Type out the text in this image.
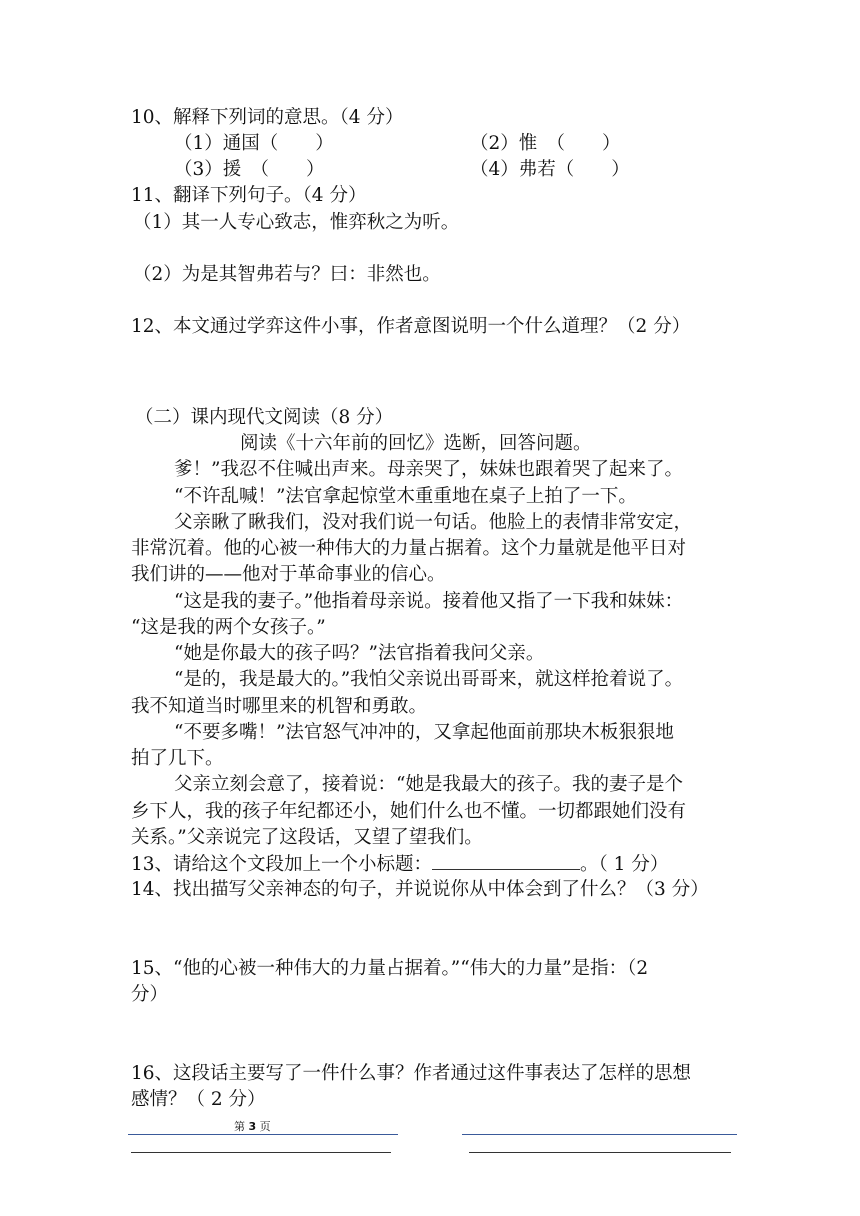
10、解释下列词的意思。（4 分）
（1）通国（　　）	（2）惟　（　　）
（3）援　（　　）	（4）弗若（　　）
11、翻译下列句子。（4 分）
（1）其一人专心致志，惟弈秋之为听。
（2）为是其智弗若与？曰：非然也。
12、本文通过学弈这件小事，作者意图说明一个什么道理？（2 分）
（二）课内现代文阅读（8 分）
阅读《十六年前的回忆》选断，回答问题。
爹！”我忍不住喊出声来。母亲哭了，妹妹也跟着哭了起来了。
“不许乱喊！”法官拿起惊堂木重重地在桌子上拍了一下。
父亲瞅了瞅我们，没对我们说一句话。他脸上的表情非常安定，
非常沉着。他的心被一种伟大的力量占据着。这个力量就是他平日对
我们讲的——他对于革命事业的信心。
“这是我的妻子。”他指着母亲说。接着他又指了一下我和妹妹：
“这是我的两个女孩子。”
“她是你最大的孩子吗？”法官指着我问父亲。
“是的，我是最大的。”我怕父亲说出哥哥来，就这样抢着说了。
我不知道当时哪里来的机智和勇敢。
“不要多嘴！”法官怒气冲冲的，又拿起他面前那块木板狠狠地
拍了几下。
父亲立刻会意了，接着说：“她是我最大的孩子。我的妻子是个
乡下人，我的孩子年纪都还小，她们什么也不懂。一切都跟她们没有
关系。”父亲说完了这段话，又望了望我们。
13、请给这个文段加上一个小标题：	。（ 1 分）
14、找出描写父亲神态的句子，并说说你从中体会到了什么？（3 分）
15、“他的心被一种伟大的力量占据着。”“伟大的力量”是指：（2
分）
16、这段话主要写了一件什么事？作者通过这件事表达了怎样的思想
感情？（ 2 分）
第 3 页
